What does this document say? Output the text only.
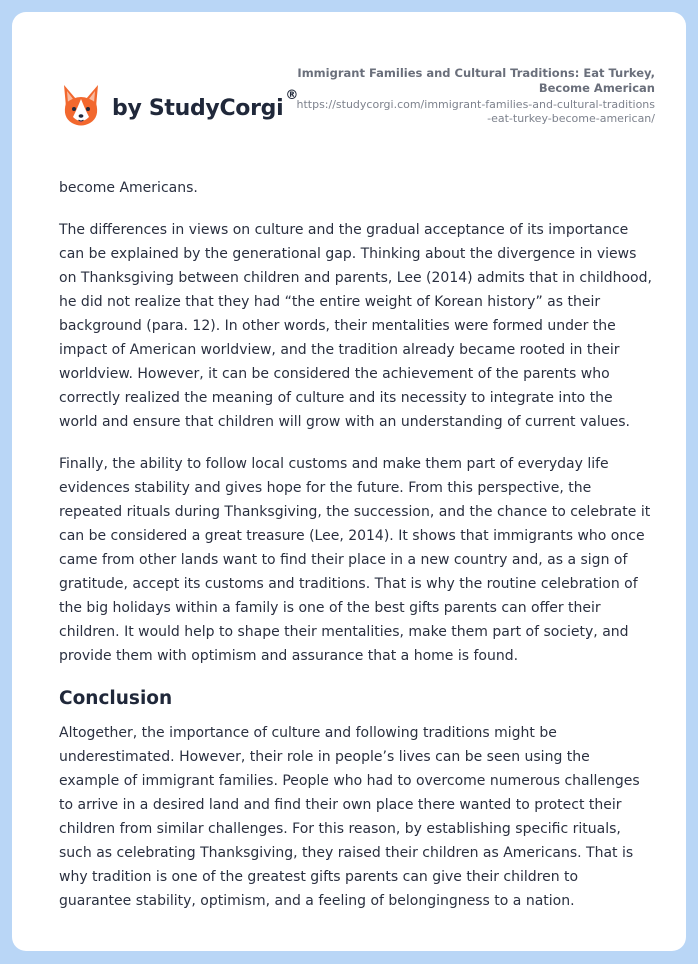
by StudyCorgi®
Immigrant Families and Cultural Traditions: Eat Turkey, Become American
https://studycorgi.com/immigrant-families-and-cultural-traditions-eat-turkey-become-american/

become Americans.

The differences in views on culture and the gradual acceptance of its importance can be explained by the generational gap. Thinking about the divergence in views on Thanksgiving between children and parents, Lee (2014) admits that in childhood, he did not realize that they had “the entire weight of Korean history” as their background (para. 12). In other words, their mentalities were formed under the impact of American worldview, and the tradition already became rooted in their worldview. However, it can be considered the achievement of the parents who correctly realized the meaning of culture and its necessity to integrate into the world and ensure that children will grow with an understanding of current values.

Finally, the ability to follow local customs and make them part of everyday life evidences stability and gives hope for the future. From this perspective, the repeated rituals during Thanksgiving, the succession, and the chance to celebrate it can be considered a great treasure (Lee, 2014). It shows that immigrants who once came from other lands want to find their place in a new country and, as a sign of gratitude, accept its customs and traditions. That is why the routine celebration of the big holidays within a family is one of the best gifts parents can offer their children. It would help to shape their mentalities, make them part of society, and provide them with optimism and assurance that a home is found.

Conclusion

Altogether, the importance of culture and following traditions might be underestimated. However, their role in people’s lives can be seen using the example of immigrant families. People who had to overcome numerous challenges to arrive in a desired land and find their own place there wanted to protect their children from similar challenges. For this reason, by establishing specific rituals, such as celebrating Thanksgiving, they raised their children as Americans. That is why tradition is one of the greatest gifts parents can give their children to guarantee stability, optimism, and a feeling of belongingness to a nation.
